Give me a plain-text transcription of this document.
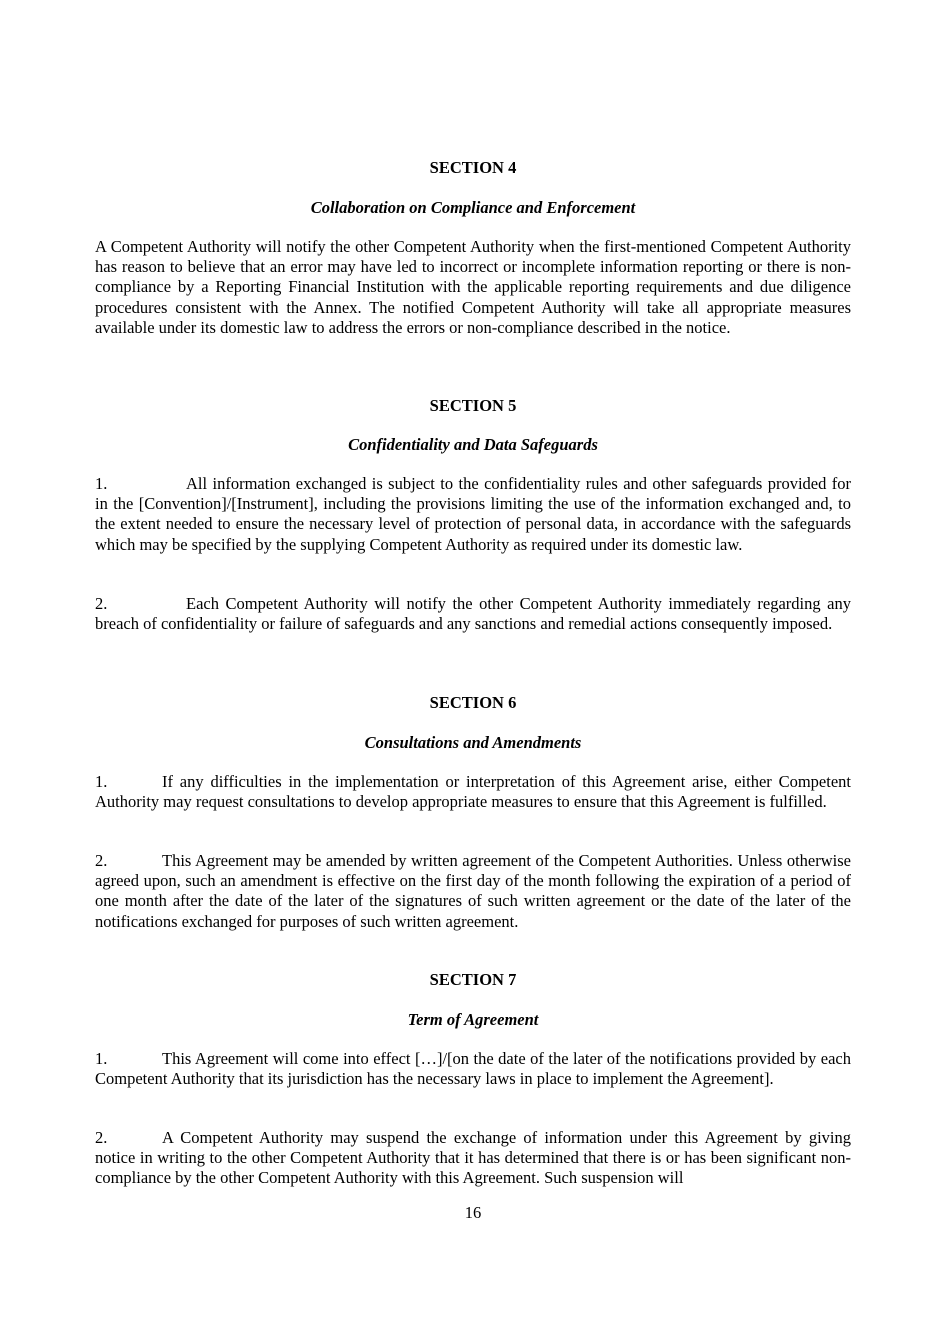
SECTION 4
Collaboration on Compliance and Enforcement

A Competent Authority will notify the other Competent Authority when the first-mentioned Competent Authority has reason to believe that an error may have led to incorrect or incomplete information reporting or there is non-compliance by a Reporting Financial Institution with the applicable reporting requirements and due diligence procedures consistent with the Annex. The notified Competent Authority will take all appropriate measures available under its domestic law to address the errors or non-compliance described in the notice.

SECTION 5
Confidentiality and Data Safeguards

1.	All information exchanged is subject to the confidentiality rules and other safeguards provided for in the [Convention]/[Instrument], including the provisions limiting the use of the information exchanged and, to the extent needed to ensure the necessary level of protection of personal data, in accordance with the safeguards which may be specified by the supplying Competent Authority as required under its domestic law.

2.	Each Competent Authority will notify the other Competent Authority immediately regarding any breach of confidentiality or failure of safeguards and any sanctions and remedial actions consequently imposed.

SECTION 6
Consultations and Amendments

1.	If any difficulties in the implementation or interpretation of this Agreement arise, either Competent Authority may request consultations to develop appropriate measures to ensure that this Agreement is fulfilled.

2.	This Agreement may be amended by written agreement of the Competent Authorities. Unless otherwise agreed upon, such an amendment is effective on the first day of the month following the expiration of a period of one month after the date of the later of the signatures of such written agreement or the date of the later of the notifications exchanged for purposes of such written agreement.

SECTION 7
Term of Agreement

1.	This Agreement will come into effect […]/[on the date of the later of the notifications provided by each Competent Authority that its jurisdiction has the necessary laws in place to implement the Agreement].

2.	A Competent Authority may suspend the exchange of information under this Agreement by giving notice in writing to the other Competent Authority that it has determined that there is or has been significant non-compliance by the other Competent Authority with this Agreement. Such suspension will

16
